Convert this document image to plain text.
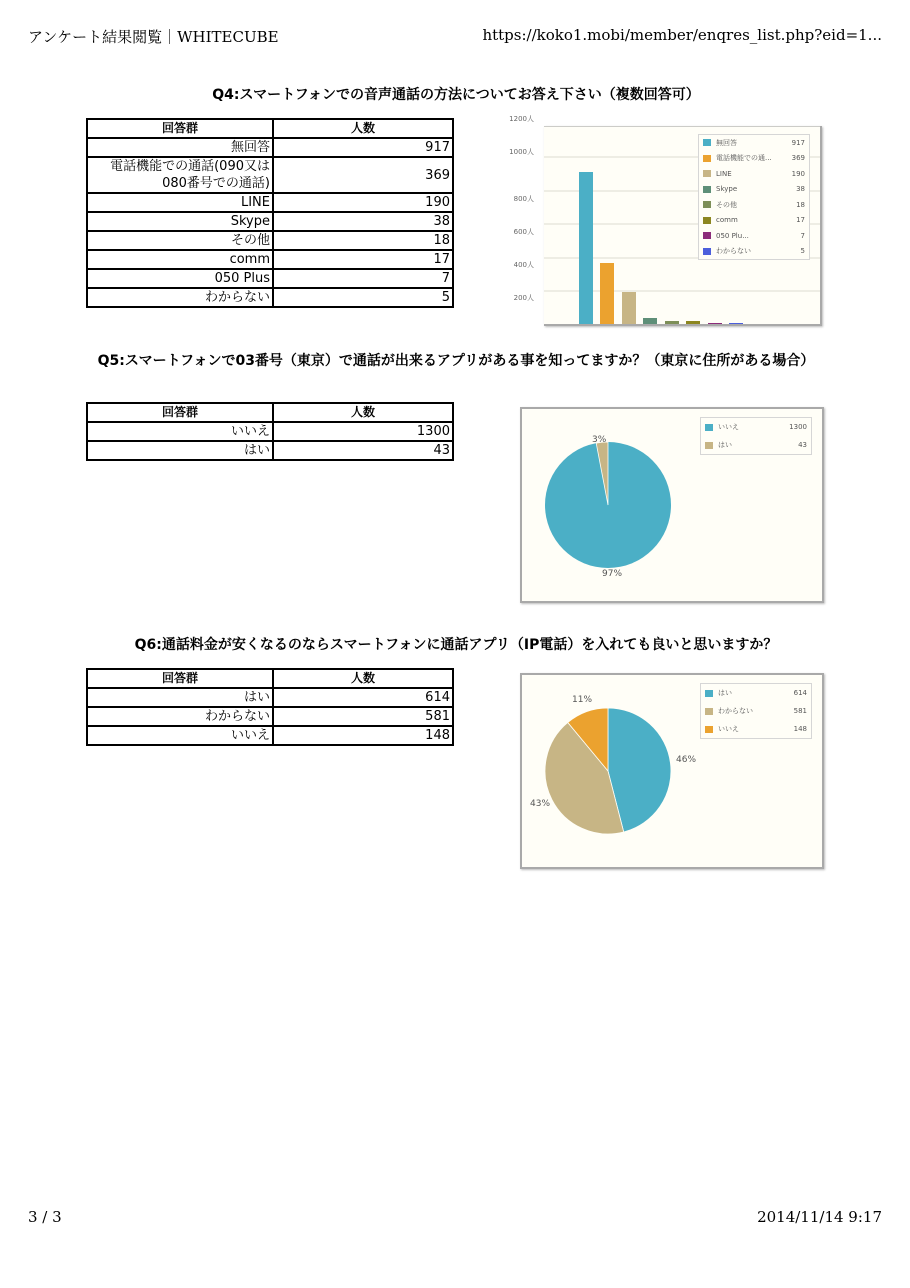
アンケート結果閲覧｜WHITECUBE	https://koko1.mobi/member/enqres_list.php?eid=1...
Q4:スマートフォンでの音声通話の方法についてお答え下さい（複数回答可）
回答群	人数
無回答	917
電話機能での通話(090又は080番号での通話)	369
LINE	190
Skype	38
その他	18
comm	17
050 Plus	7
わからない	5
1200人
1000人
800人
600人
400人
200人
無回答	917
電話機能での通...	369
LINE	190
Skype	38
その他	18
comm	17
050 Plu...	7
わからない	5
Q5:スマートフォンで03番号（東京）で通話が出来るアプリがある事を知ってますか？（東京に住所がある場合）
回答群	人数
いいえ	1300
はい	43
3%
97%
いいえ	1300
はい	43
Q6:通話料金が安くなるのならスマートフォンに通話アプリ（IP電話）を入れても良いと思いますか？
回答群	人数
はい	614
わからない	581
いいえ	148
46%
43%
11%
はい	614
わからない	581
いいえ	148
3 / 3	2014/11/14 9:17
